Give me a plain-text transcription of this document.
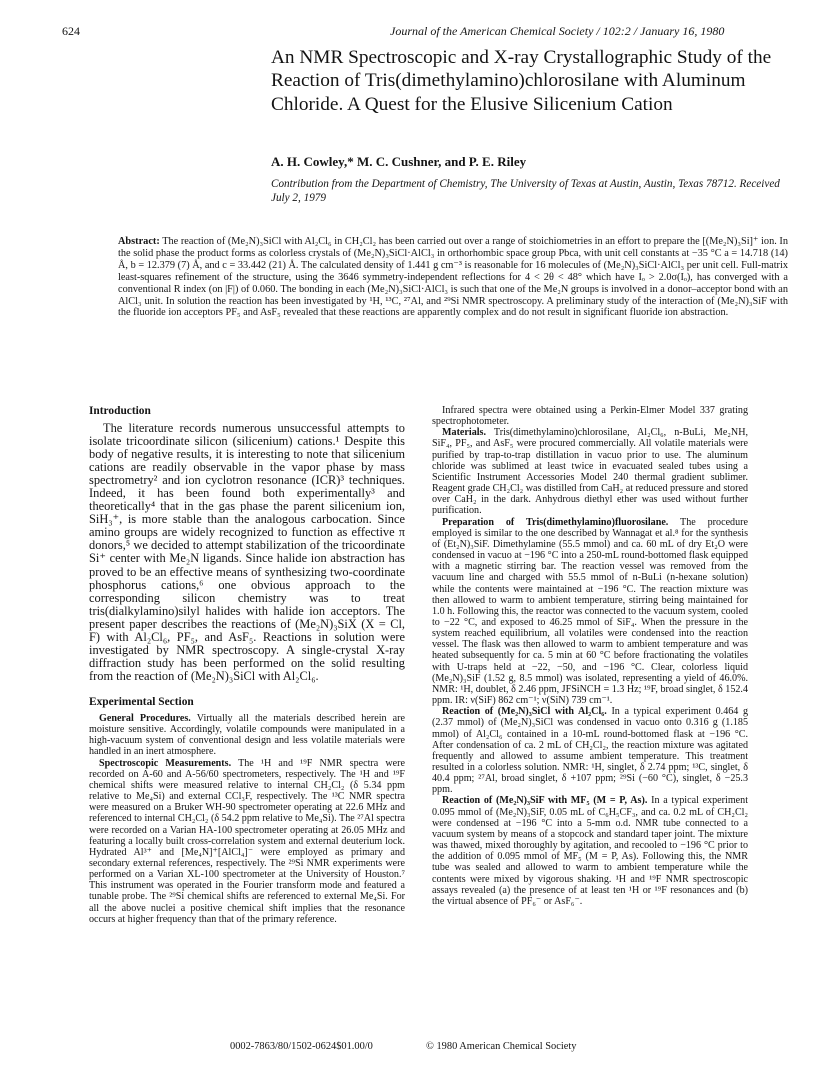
624	Journal of the American Chemical Society / 102:2 / January 16, 1980
An NMR Spectroscopic and X-ray Crystallographic Study of the Reaction of Tris(dimethylamino)chlorosilane with Aluminum Chloride. A Quest for the Elusive Silicenium Cation
A. H. Cowley,* M. C. Cushner, and P. E. Riley
Contribution from the Department of Chemistry, The University of Texas at Austin, Austin, Texas 78712. Received July 2, 1979

Abstract: The reaction of (Me₂N)₃SiCl with Al₂Cl₆ in CH₂Cl₂ has been carried out over a range of stoichiometries in an effort to prepare the [(Me₂N)₃Si]⁺ ion. In the solid phase the product forms as colorless crystals of (Me₂N)₃SiCl·AlCl₃ in orthorhombic space group Pbca, with unit cell constants at −35 °C a = 14.718 (14) Å, b = 12.379 (7) Å, and c = 33.442 (21) Å. The calculated density of 1.441 g cm⁻³ is reasonable for 16 molecules of (Me₂N)₃SiCl·AlCl₃ per unit cell. Full-matrix least-squares refinement of the structure, using the 3646 symmetry-independent reflections for 4 < 2θ < 48° which have Iₒ > 2.0σ(Iₒ), has converged with a conventional R index (on |F|) of 0.060. The bonding in each (Me₂N)₃SiCl·AlCl₃ is such that one of the Me₂N groups is involved in a donor–acceptor bond with an AlCl₃ unit. In solution the reaction has been investigated by ¹H, ¹³C, ²⁷Al, and ²⁹Si NMR spectroscopy. A preliminary study of the interaction of (Me₂N)₃SiF with the fluoride ion acceptors PF₅ and AsF₅ revealed that these reactions are apparently complex and do not result in significant fluoride ion abstraction.

Introduction

The literature records numerous unsuccessful attempts to isolate tricoordinate silicon (silicenium) cations.¹ Despite this body of negative results, it is interesting to note that silicenium cations are readily observable in the vapor phase by mass spectrometry² and ion cyclotron resonance (ICR)³ techniques. Indeed, it has been found both experimentally³ and theoretically⁴ that in the gas phase the parent silicenium ion, SiH₃⁺, is more stable than the analogous carbocation. Since amino groups are widely recognized to function as effective π donors,⁵ we decided to attempt stabilization of the tricoordinate Si⁺ center with Me₂N ligands. Since halide ion abstraction has proved to be an effective means of synthesizing two-coordinate phosphorus cations,⁶ one obvious approach to the corresponding silicon chemistry was to treat tris(dialkylamino)silyl halides with halide ion acceptors. The present paper describes the reactions of (Me₂N)₃SiX (X = Cl, F) with Al₂Cl₆, PF₅, and AsF₅. Reactions in solution were investigated by NMR spectroscopy. A single-crystal X-ray diffraction study has been performed on the solid resulting from the reaction of (Me₂N)₃SiCl with Al₂Cl₆.

Experimental Section

General Procedures. Virtually all the materials described herein are moisture sensitive. Accordingly, volatile compounds were manipulated in a high-vacuum system of conventional design and less volatile materials were handled in an inert atmosphere.

Spectroscopic Measurements. The ¹H and ¹⁹F NMR spectra were recorded on A-60 and A-56/60 spectrometers, respectively. The ¹H and ¹⁹F chemical shifts were measured relative to internal CH₂Cl₂ (δ 5.34 ppm relative to Me₄Si) and external CCl₃F, respectively. The ¹³C NMR spectra were measured on a Bruker WH-90 spectrometer operating at 22.6 MHz and referenced to internal CH₂Cl₂ (δ 54.2 ppm relative to Me₄Si). The ²⁷Al spectra were recorded on a Varian HA-100 spectrometer operating at 26.05 MHz and featuring a locally built cross-correlation system and external deuterium lock. Hydrated Al³⁺ and [Me₄N]⁺[AlCl₄]⁻ were employed as primary and secondary external references, respectively. The ²⁹Si NMR experiments were performed on a Varian XL-100 spectrometer at the University of Houston.⁷ This instrument was operated in the Fourier transform mode and featured a tunable probe. The ²⁹Si chemical shifts are referenced to external Me₄Si. For all the above nuclei a positive chemical shift implies that the resonance occurs at higher frequency than that of the primary reference.

Infrared spectra were obtained using a Perkin-Elmer Model 337 grating spectrophotometer.

Materials. Tris(dimethylamino)chlorosilane, Al₂Cl₆, n-BuLi, Me₂NH, SiF₄, PF₅, and AsF₅ were procured commercially. All volatile materials were purified by trap-to-trap distillation in vacuo prior to use. The aluminum chloride was sublimed at least twice in evacuated sealed tubes using a Scientific Instrument Accessories Model 240 thermal gradient sublimer. Reagent grade CH₂Cl₂ was distilled from CaH₂ at reduced pressure and stored over CaH₂ in the dark. Anhydrous diethyl ether was used without further purification.

Preparation of Tris(dimethylamino)fluorosilane. The procedure employed is similar to the one described by Wannagat et al.⁸ for the synthesis of (Et₂N)₃SiF. Dimethylamine (55.5 mmol) and ca. 60 mL of dry Et₂O were condensed in vacuo at −196 °C into a 250-mL round-bottomed flask equipped with a magnetic stirring bar. The reaction vessel was removed from the vacuum line and charged with 55.5 mmol of n-BuLi (n-hexane solution) while the contents were maintained at −196 °C. The reaction mixture was then allowed to warm to ambient temperature, stirring being maintained for 1.0 h. Following this, the reactor was connected to the vacuum system, cooled to −22 °C, and exposed to 46.25 mmol of SiF₄. When the pressure in the system reached equilibrium, all volatiles were condensed into the reaction vessel. The flask was then allowed to warm to ambient temperature and was heated subsequently for ca. 5 min at 60 °C before fractionating the volatiles with U-traps held at −22, −50, and −196 °C. Clear, colorless liquid (Me₂N)₃SiF (1.52 g, 8.5 mmol) was isolated, representing a yield of 46.0%. NMR: ¹H, doublet, δ 2.46 ppm, JFSiNCH = 1.3 Hz; ¹⁹F, broad singlet, δ 152.4 ppm. IR: ν(SiF) 862 cm⁻¹; ν(SiN) 739 cm⁻¹.

Reaction of (Me₂N)₃SiCl with Al₂Cl₆. In a typical experiment 0.464 g (2.37 mmol) of (Me₂N)₃SiCl was condensed in vacuo onto 0.316 g (1.185 mmol) of Al₂Cl₆ contained in a 10-mL round-bottomed flask at −196 °C. After condensation of ca. 2 mL of CH₂Cl₂, the reaction mixture was agitated frequently and allowed to assume ambient temperature. This treatment resulted in a colorless solution. NMR: ¹H, singlet, δ 2.74 ppm; ¹³C, singlet, δ 40.4 ppm; ²⁷Al, broad singlet, δ +107 ppm; ²⁹Si (−60 °C), singlet, δ −25.3 ppm.

Reaction of (Me₂N)₃SiF with MF₅ (M = P, As). In a typical experiment 0.095 mmol of (Me₂N)₃SiF, 0.05 mL of C₆H₅CF₃, and ca. 0.2 mL of CH₂Cl₂ were condensed at −196 °C into a 5-mm o.d. NMR tube connected to a vacuum system by means of a stopcock and standard taper joint. The mixture was thawed, mixed thoroughly by agitation, and recooled to −196 °C prior to the addition of 0.095 mmol of MF₅ (M = P, As). Following this, the NMR tube was sealed and allowed to warm to ambient temperature while the contents were mixed by vigorous shaking. ¹H and ¹⁹F NMR spectroscopic assays revealed (a) the presence of at least ten ¹H or ¹⁹F resonances and (b) the virtual absence of PF₆⁻ or AsF₆⁻.

0002-7863/80/1502-0624$01.00/0	© 1980 American Chemical Society
